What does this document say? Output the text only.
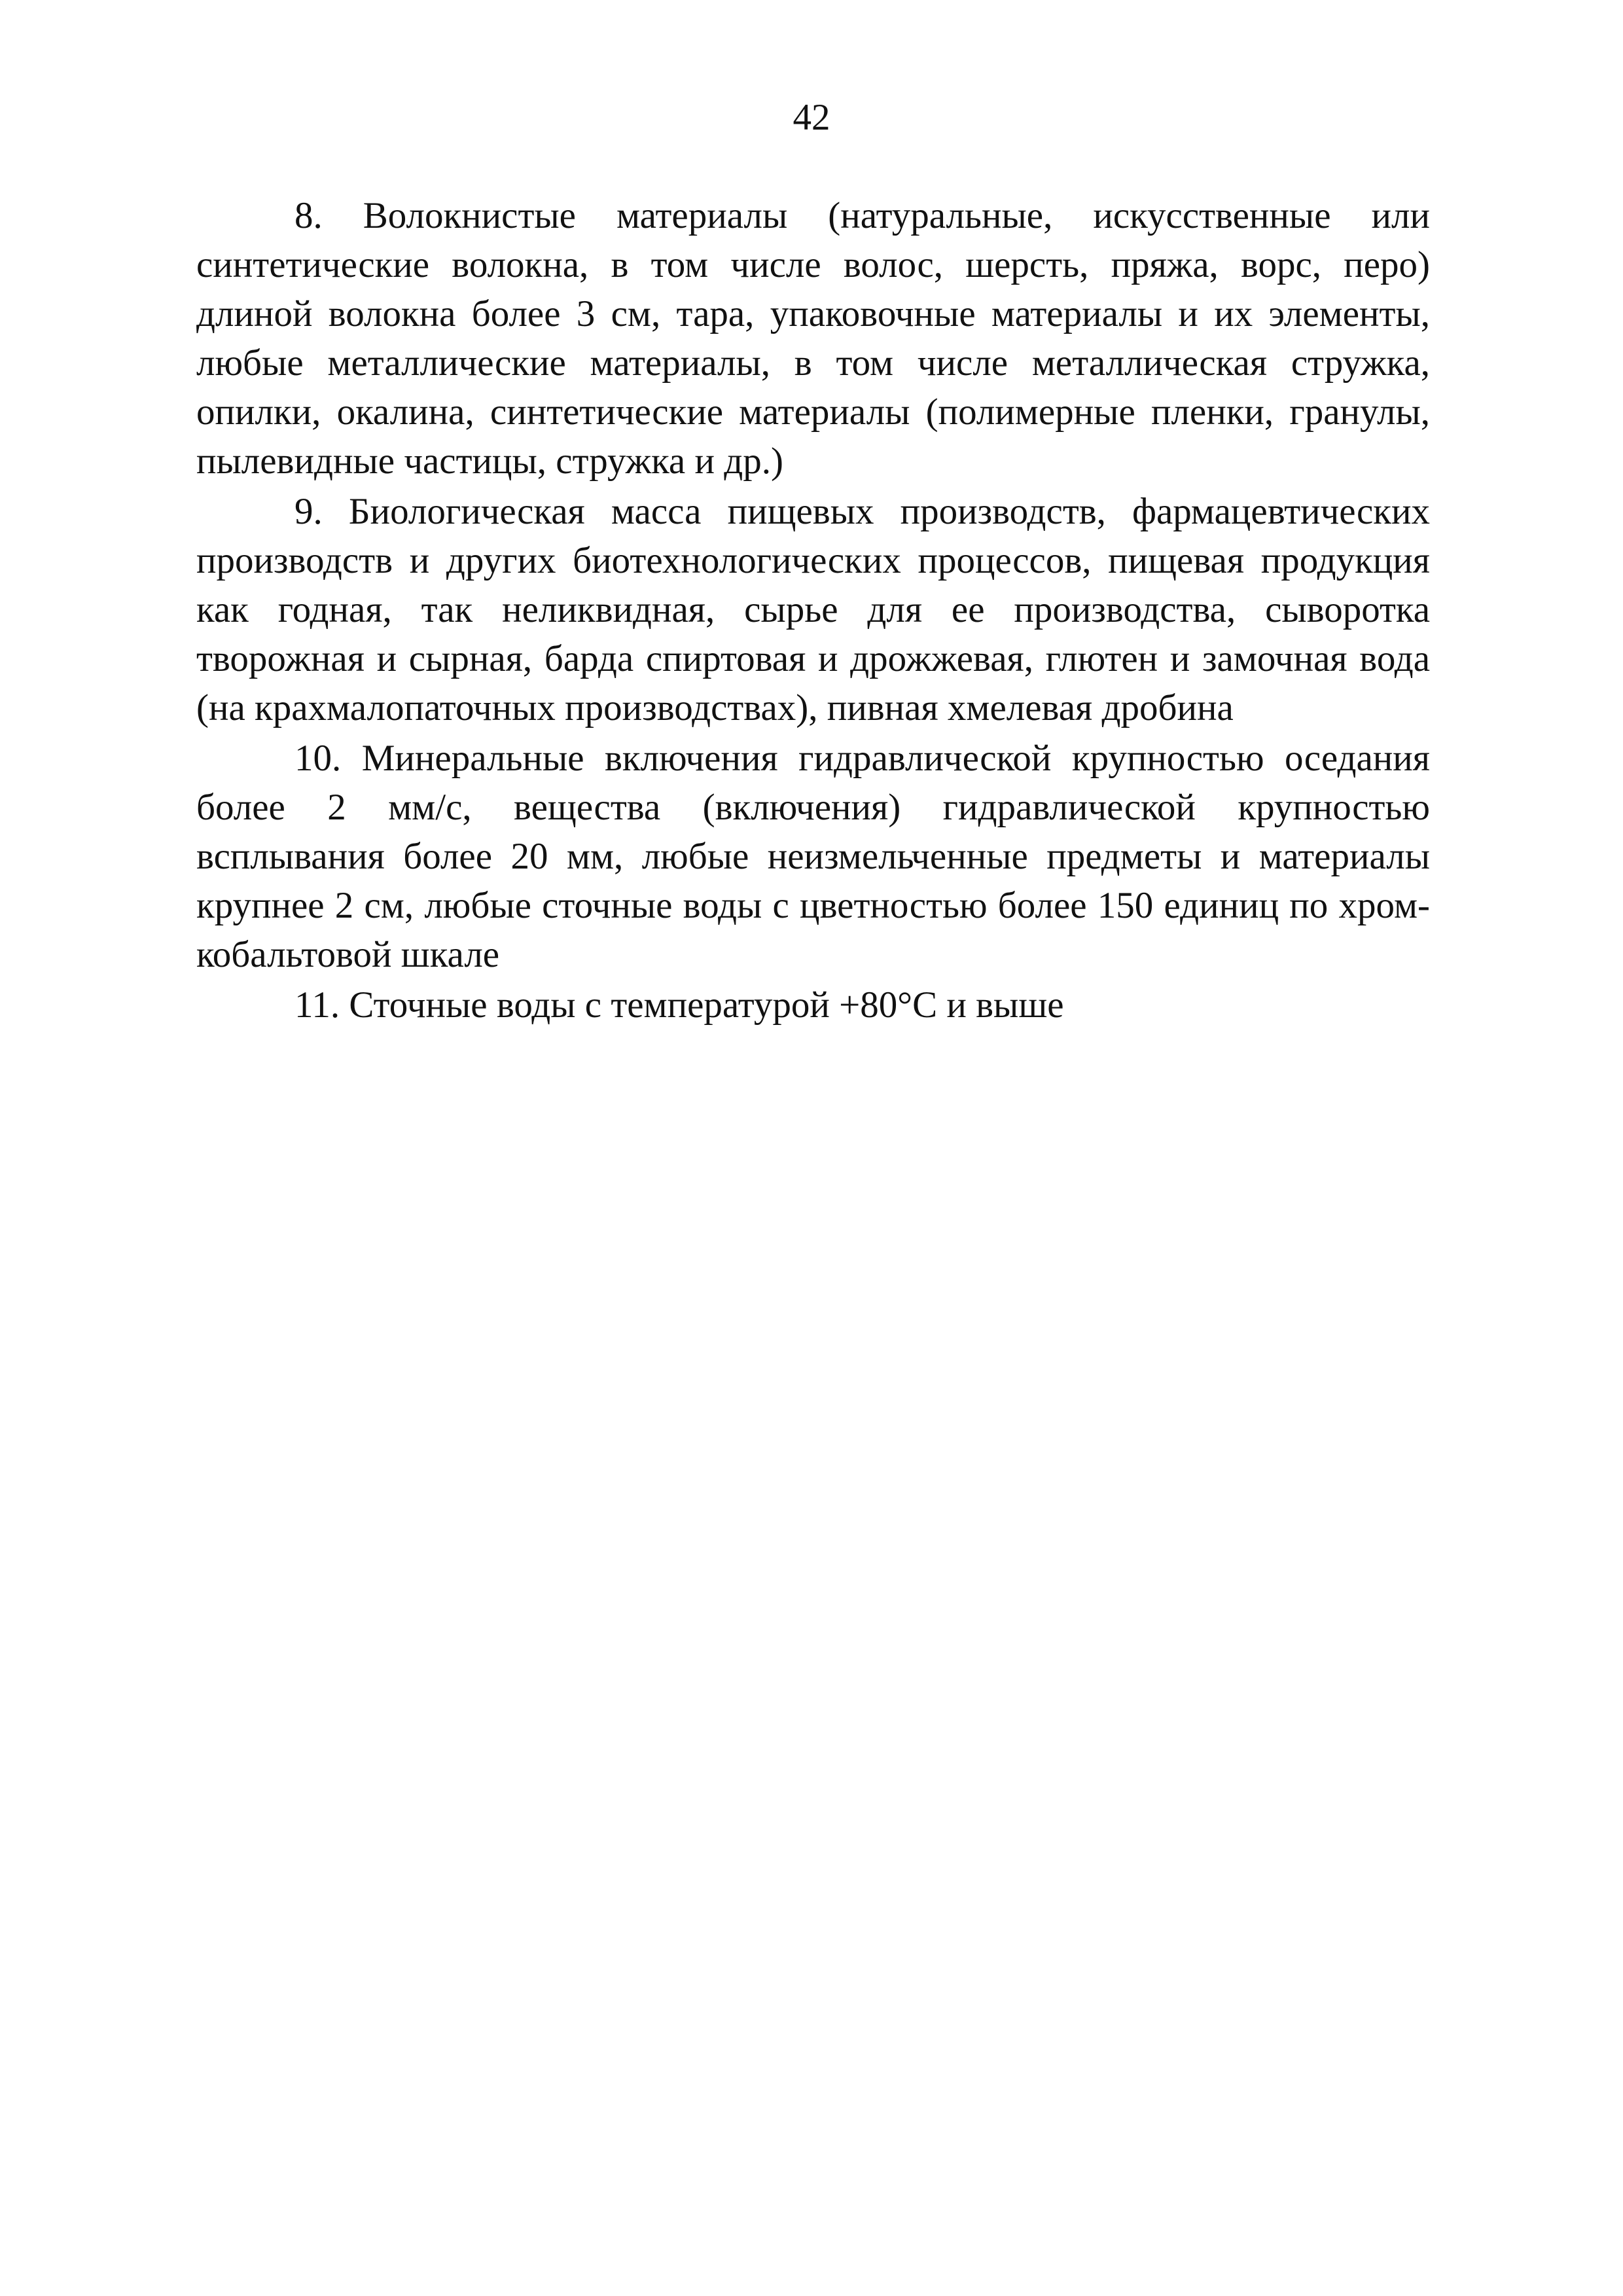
42

8. Волокнистые материалы (натуральные, искусственные или синтетические волокна, в том числе волос, шерсть, пряжа, ворс, перо) длиной волокна более 3 см, тара, упаковочные материалы и их элементы, любые металлические материалы, в том числе металлическая стружка, опилки, окалина, синтетические материалы (полимерные пленки, гранулы, пылевидные частицы, стружка и др.)

9. Биологическая масса пищевых производств, фармацевтических производств и других биотехнологических процессов, пищевая продукция как годная, так неликвидная, сырье для ее производства, сыворотка творожная и сырная, барда спиртовая и дрожжевая, глютен и замочная вода (на крахмалопаточных производствах), пивная хмелевая дробина

10. Минеральные включения гидравлической крупностью оседания более 2 мм/с, вещества (включения) гидравлической крупностью всплывания более 20 мм, любые неизмельченные предметы и материалы крупнее 2 см, любые сточные воды с цветностью более 150 единиц по хром-кобальтовой шкале

11. Сточные воды с температурой +80°С и выше
